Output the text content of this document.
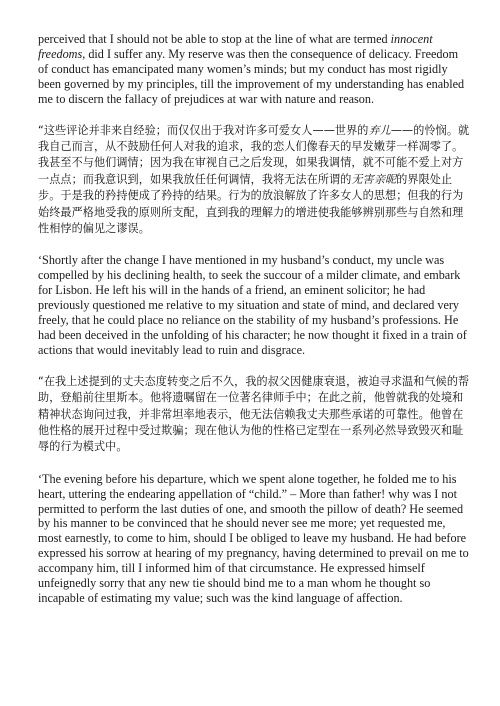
perceived that I should not be able to stop at the line of what are termed innocent freedoms, did I suffer any. My reserve was then the consequence of delicacy. Freedom of conduct has emancipated many women’s minds; but my conduct has most rigidly been governed by my principles, till the improvement of my understanding has enabled me to discern the fallacy of prejudices at war with nature and reason.

“这些评论并非来自经验；而仅仅出于我对许多可爱女人——世界的弃儿——的怜悯。就我自己而言，从不鼓励任何人对我的追求，我的恋人们像春天的早发嫩芽一样凋零了。我甚至不与他们调情；因为我在审视自己之后发现，如果我调情，就不可能不爱上对方一点点；而我意识到，如果我放任任何调情，我将无法在所谓的无害亲昵的界限处止步。于是我的矜持便成了矜持的结果。行为的放浪解放了许多女人的思想；但我的行为始终最严格地受我的原则所支配，直到我的理解力的增进使我能够辨别那些与自然和理性相悖的偏见之谬误。

‘Shortly after the change I have mentioned in my husband’s conduct, my uncle was compelled by his declining health, to seek the succour of a milder climate, and embark for Lisbon. He left his will in the hands of a friend, an eminent solicitor; he had previously questioned me relative to my situation and state of mind, and declared very freely, that he could place no reliance on the stability of my husband’s professions. He had been deceived in the unfolding of his character; he now thought it fixed in a train of actions that would inevitably lead to ruin and disgrace.

“在我上述提到的丈夫态度转变之后不久，我的叔父因健康衰退，被迫寻求温和气候的帮助，登船前往里斯本。他将遗嘱留在一位著名律师手中；在此之前，他曾就我的处境和精神状态询问过我，并非常坦率地表示，他无法信赖我丈夫那些承诺的可靠性。他曾在他性格的展开过程中受过欺骗；现在他认为他的性格已定型在一系列必然导致毁灭和耻辱的行为模式中。

‘The evening before his departure, which we spent alone together, he folded me to his heart, uttering the endearing appellation of “child.” – More than father! why was I not permitted to perform the last duties of one, and smooth the pillow of death? He seemed by his manner to be convinced that he should never see me more; yet requested me, most earnestly, to come to him, should I be obliged to leave my husband. He had before expressed his sorrow at hearing of my pregnancy, having determined to prevail on me to accompany him, till I informed him of that circumstance. He expressed himself unfeignedly sorry that any new tie should bind me to a man whom he thought so incapable of estimating my value; such was the kind language of affection.
